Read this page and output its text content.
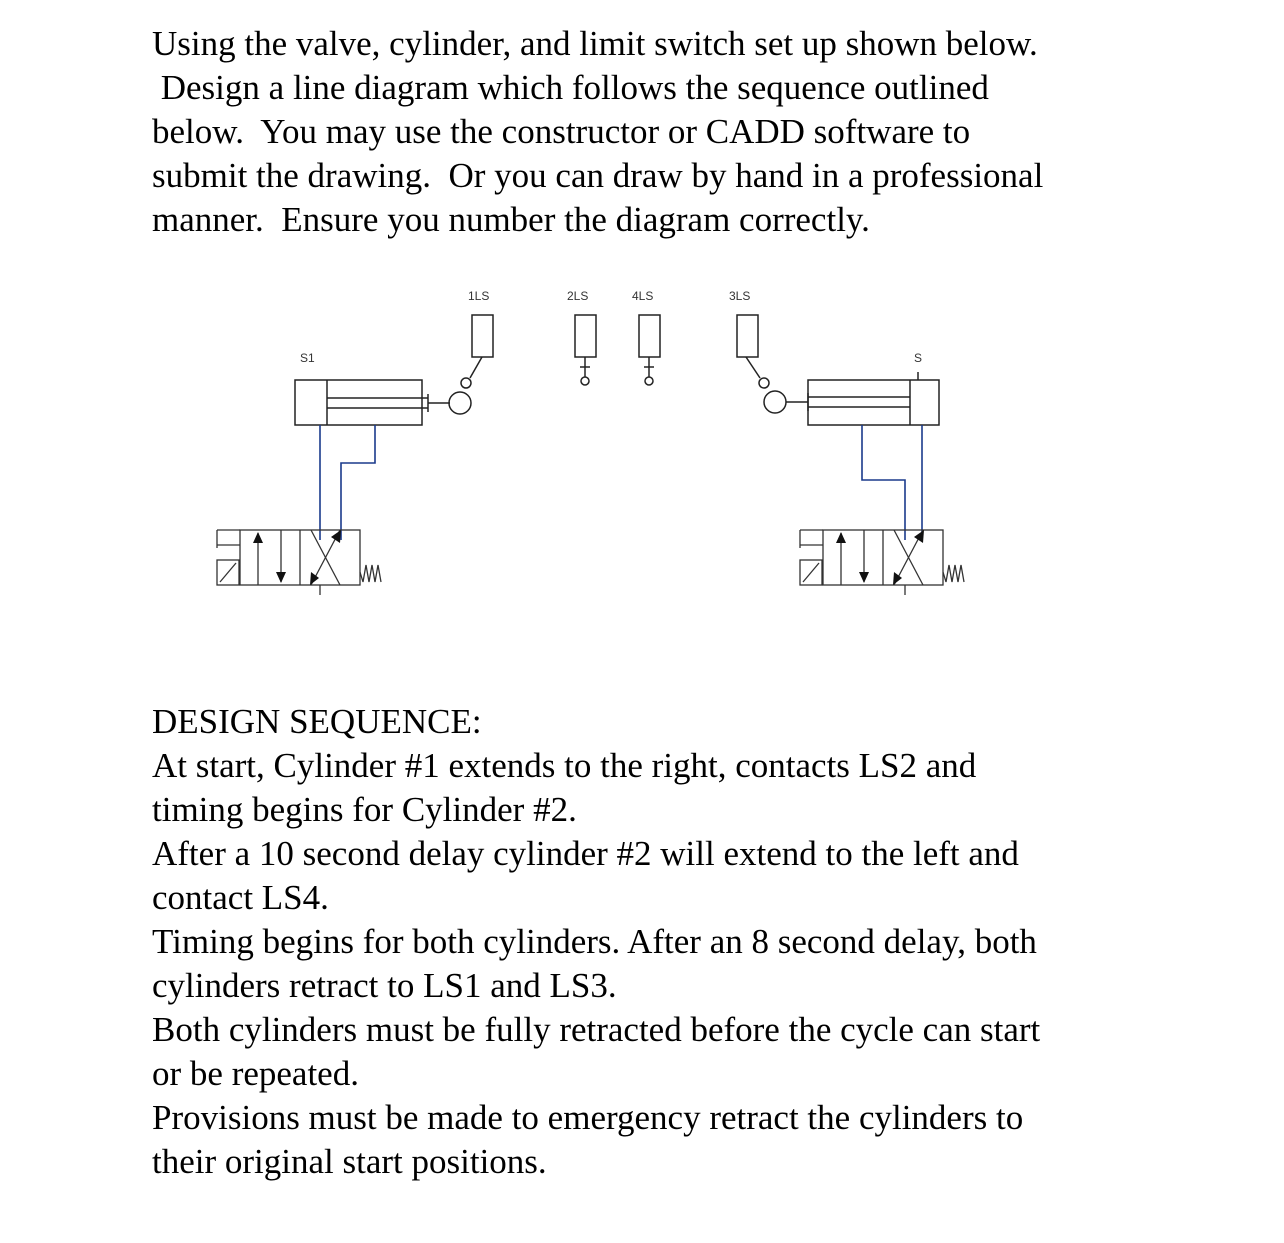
Using the valve, cylinder, and limit switch set up shown below.

Design a line diagram which follows the sequence outlined

below.  You may use the constructor or CADD software to

submit the drawing.  Or you can draw by hand in a professional

manner.  Ensure you number the diagram correctly.

1LS	2LS	4LS	3LS
S1	S

DESIGN SEQUENCE:

At start, Cylinder #1 extends to the right, contacts LS2 and

timing begins for Cylinder #2.

After a 10 second delay cylinder #2 will extend to the left and

contact LS4.

Timing begins for both cylinders. After an 8 second delay, both

cylinders retract to LS1 and LS3.

Both cylinders must be fully retracted before the cycle can start

or be repeated.

Provisions must be made to emergency retract the cylinders to

their original start positions.
